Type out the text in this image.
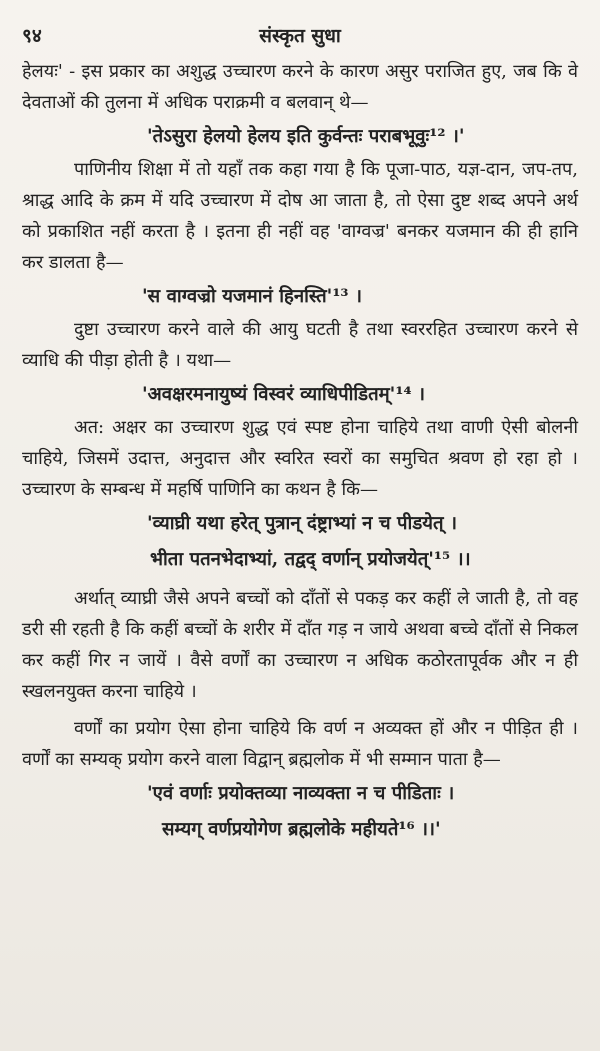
९४	संस्कृत सुधा

हेलयः' - इस प्रकार का अशुद्ध उच्चारण करने के कारण असुर पराजित हुए, जब कि वे देवताओं की तुलना में अधिक पराक्रमी व बलवान् थे—

'तेऽसुरा हेलयो हेलय इति कुर्वन्तः पराबभूवुः¹² ।'

पाणिनीय शिक्षा में तो यहाँ तक कहा गया है कि पूजा-पाठ, यज्ञ-दान, जप-तप, श्राद्ध आदि के क्रम में यदि उच्चारण में दोष आ जाता है, तो ऐसा दुष्ट शब्द अपने अर्थ को प्रकाशित नहीं करता है । इतना ही नहीं वह 'वाग्वज्र' बनकर यजमान की ही हानि कर डालता है—

'स वाग्वज्रो यजमानं हिनस्ति'¹³ ।

दुष्टा उच्चारण करने वाले की आयु घटती है तथा स्वररहित उच्चारण करने से व्याधि की पीड़ा होती है । यथा—

'अवक्षरमनायुष्यं विस्वरं व्याधिपीडितम्'¹⁴ ।

अत: अक्षर का उच्चारण शुद्ध एवं स्पष्ट होना चाहिये तथा वाणी ऐसी बोलनी चाहिये, जिसमें उदात्त, अनुदात्त और स्वरित स्वरों का समुचित श्रवण हो रहा हो । उच्चारण के सम्बन्ध में महर्षि पाणिनि का कथन है कि—

'व्याघ्री यथा हरेत् पुत्रान् दंष्ट्राभ्यां न च पीडयेत् ।

भीता पतनभेदाभ्यां, तद्वद् वर्णान् प्रयोजयेत्'¹⁵ ।।

अर्थात् व्याघ्री जैसे अपने बच्चों को दाँतों से पकड़ कर कहीं ले जाती है, तो वह डरी सी रहती है कि कहीं बच्चों के शरीर में दाँत गड़ न जाये अथवा बच्चे दाँतों से निकल कर कहीं गिर न जायें । वैसे वर्णों का उच्चारण न अधिक कठोरतापूर्वक और न ही स्खलनयुक्त करना चाहिये ।

वर्णों का प्रयोग ऐसा होना चाहिये कि वर्ण न अव्यक्त हों और न पीड़ित ही । वर्णों का सम्यक् प्रयोग करने वाला विद्वान् ब्रह्मलोक में भी सम्मान पाता है—

'एवं वर्णाः प्रयोक्तव्या नाव्यक्ता न च पीडिताः ।

सम्यग् वर्णप्रयोगेण ब्रह्मलोके महीयते¹⁶ ।।'
